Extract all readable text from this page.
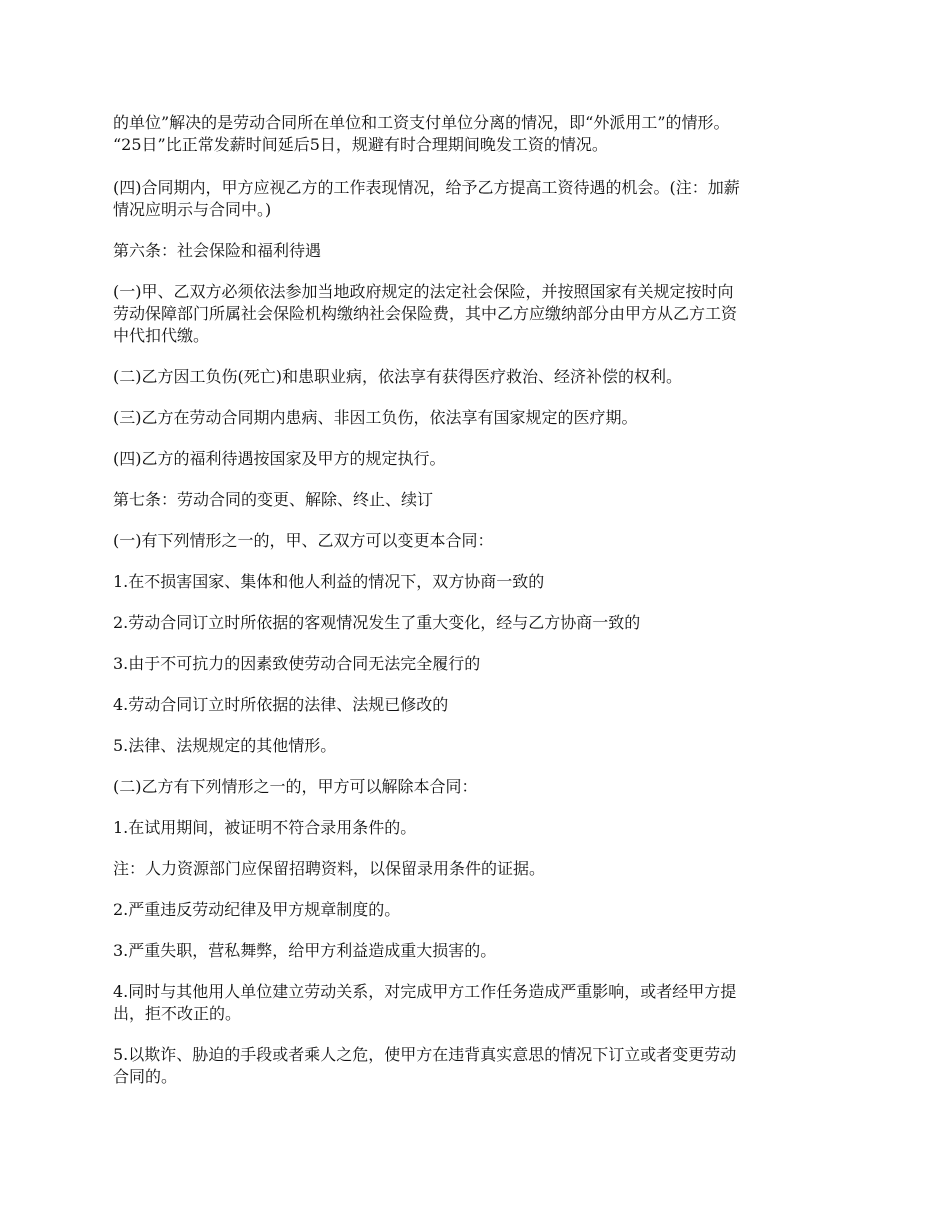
的单位”解决的是劳动合同所在单位和工资支付单位分离的情况，即“外派用工”的情形。
“25日”比正常发薪时间延后5日，规避有时合理期间晚发工资的情况。

(四)合同期内，甲方应视乙方的工作表现情况，给予乙方提高工资待遇的机会。(注：加薪
情况应明示与合同中。)

第六条：社会保险和福利待遇

(一)甲、乙双方必须依法参加当地政府规定的法定社会保险，并按照国家有关规定按时向
劳动保障部门所属社会保险机构缴纳社会保险费，其中乙方应缴纳部分由甲方从乙方工资
中代扣代缴。

(二)乙方因工负伤(死亡)和患职业病，依法享有获得医疗救治、经济补偿的权利。

(三)乙方在劳动合同期内患病、非因工负伤，依法享有国家规定的医疗期。

(四)乙方的福利待遇按国家及甲方的规定执行。

第七条：劳动合同的变更、解除、终止、续订

(一)有下列情形之一的，甲、乙双方可以变更本合同：

1.在不损害国家、集体和他人利益的情况下，双方协商一致的

2.劳动合同订立时所依据的客观情况发生了重大变化，经与乙方协商一致的

3.由于不可抗力的因素致使劳动合同无法完全履行的

4.劳动合同订立时所依据的法律、法规已修改的

5.法律、法规规定的其他情形。

(二)乙方有下列情形之一的，甲方可以解除本合同：

1.在试用期间，被证明不符合录用条件的。

注：人力资源部门应保留招聘资料，以保留录用条件的证据。

2.严重违反劳动纪律及甲方规章制度的。

3.严重失职，营私舞弊，给甲方利益造成重大损害的。

4.同时与其他用人单位建立劳动关系，对完成甲方工作任务造成严重影响，或者经甲方提
出，拒不改正的。

5.以欺诈、胁迫的手段或者乘人之危，使甲方在违背真实意思的情况下订立或者变更劳动
合同的。
